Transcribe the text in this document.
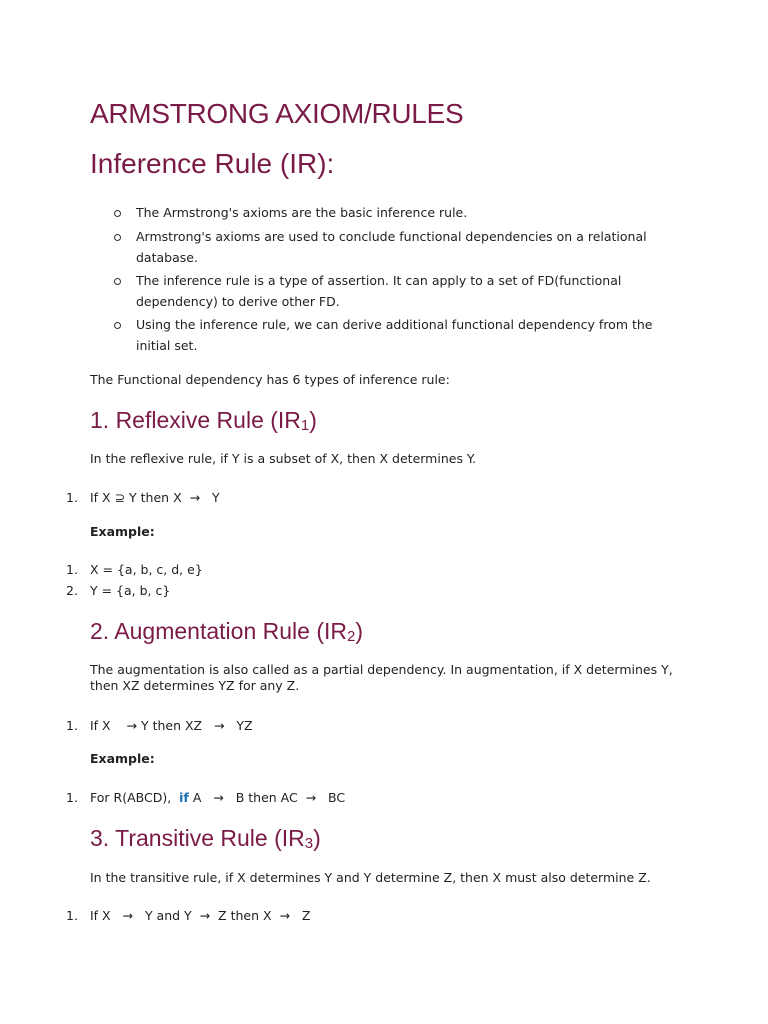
ARMSTRONG AXIOM/RULES
Inference Rule (IR):
The Armstrong's axioms are the basic inference rule.
Armstrong's axioms are used to conclude functional dependencies on a relational database.
The inference rule is a type of assertion. It can apply to a set of FD(functional dependency) to derive other FD.
Using the inference rule, we can derive additional functional dependency from the initial set.

The Functional dependency has 6 types of inference rule:

1. Reflexive Rule $(IR_1)$

In the reflexive rule, if Y is a subset of X, then X determines Y.

1. If X ⊇ Y then X  →   Y

Example:

1. X = {a, b, c, d, e}
2. Y = {a, b, c}
2. Augmentation Rule $(IR_2)$

The augmentation is also called as a partial dependency. In augmentation, if X determines Y, then XZ determines YZ for any Z.

1. If X    → Y then XZ   →   YZ

Example:

1. For R(ABCD),  if A   →   B then AC  →   BC
3. Transitive Rule $(IR_3)$

In the transitive rule, if X determines Y and Y determine Z, then X must also determine Z.

1. If X   →   Y and Y  →  Z then X  →   Z
